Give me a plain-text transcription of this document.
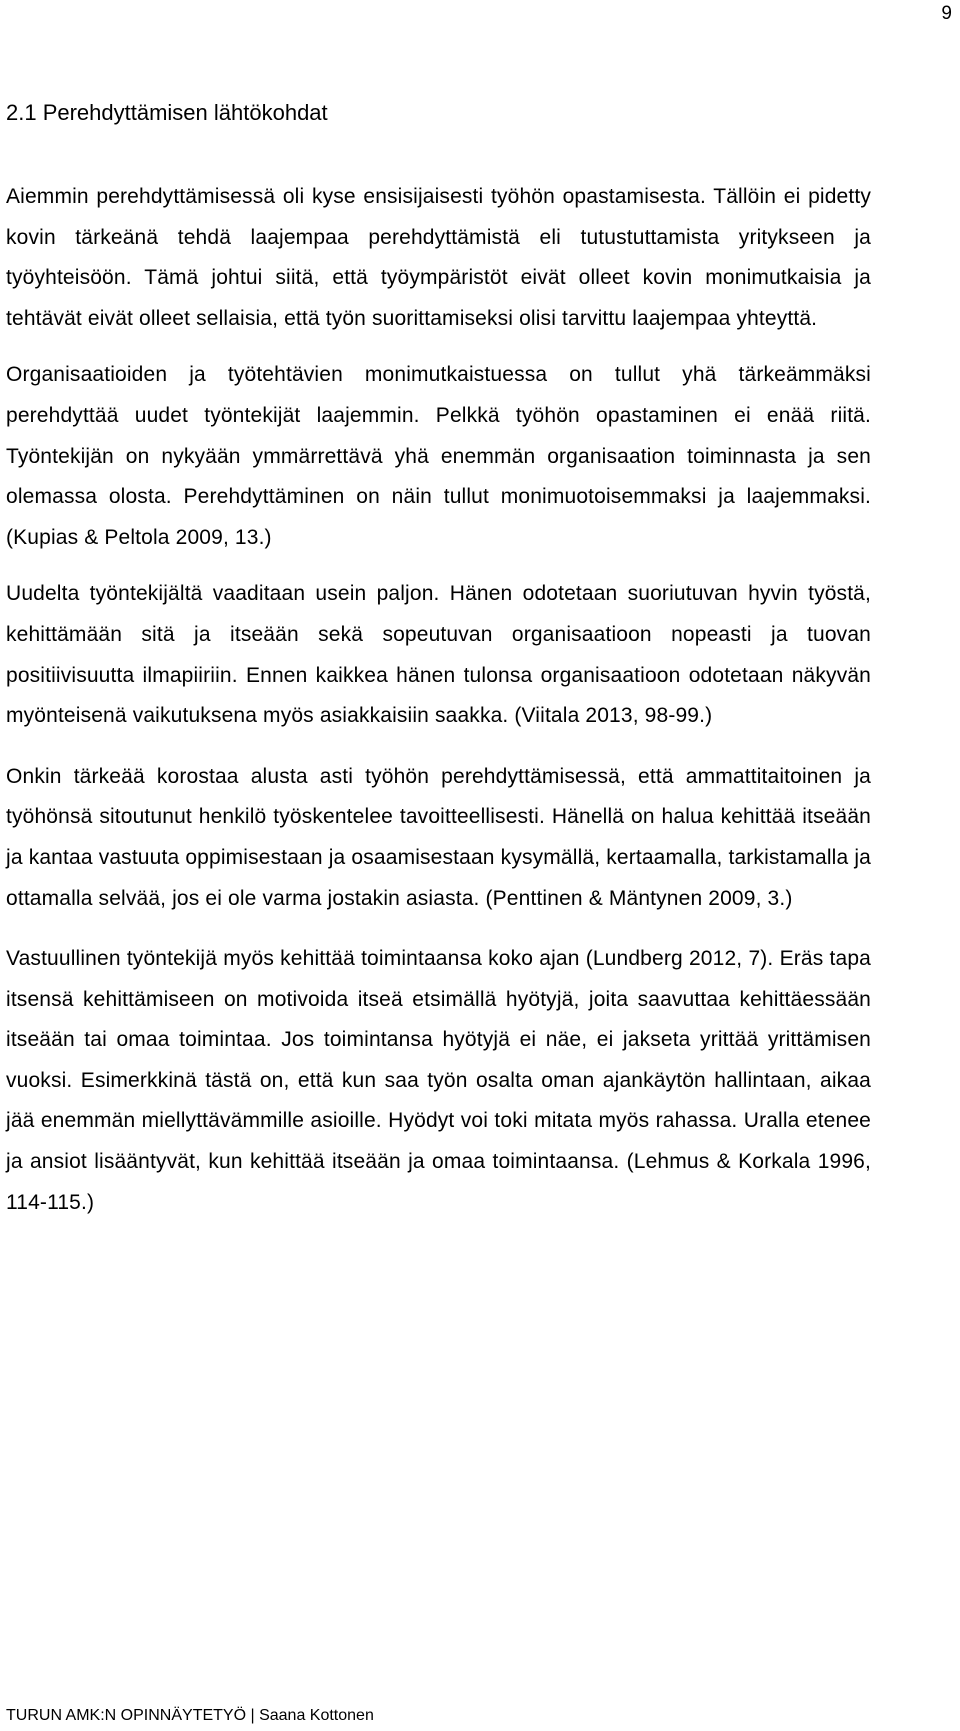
9
2.1 Perehdyttämisen lähtökohdat

Aiemmin perehdyttämisessä oli kyse ensisijaisesti työhön opastamisesta. Tällöin ei pidetty kovin tärkeänä tehdä laajempaa perehdyttämistä eli tutustuttamista yritykseen ja työyhteisöön. Tämä johtui siitä, että työympäristöt eivät olleet kovin monimutkaisia ja tehtävät eivät olleet sellaisia, että työn suorittamiseksi olisi tarvittu laajempaa yhteyttä.

Organisaatioiden ja työtehtävien monimutkaistuessa on tullut yhä tärkeämmäksi perehdyttää uudet työntekijät laajemmin. Pelkkä työhön opastaminen ei enää riitä. Työntekijän on nykyään ymmärrettävä yhä enemmän organisaation toiminnasta ja sen olemassa olosta. Perehdyttäminen on näin tullut monimuotoisemmaksi ja laajemmaksi. (Kupias & Peltola 2009, 13.)

Uudelta työntekijältä vaaditaan usein paljon. Hänen odotetaan suoriutuvan hyvin työstä, kehittämään sitä ja itseään sekä sopeutuvan organisaatioon nopeasti ja tuovan positiivisuutta ilmapiiriin. Ennen kaikkea hänen tulonsa organisaatioon odotetaan näkyvän myönteisenä vaikutuksena myös asiakkaisiin saakka. (Viitala 2013, 98-99.)

Onkin tärkeää korostaa alusta asti työhön perehdyttämisessä, että ammattitaitoinen ja työhönsä sitoutunut henkilö työskentelee tavoitteellisesti. Hänellä on halua kehittää itseään ja kantaa vastuuta oppimisestaan ja osaamisestaan kysymällä, kertaamalla, tarkistamalla ja ottamalla selvää, jos ei ole varma jostakin asiasta. (Penttinen & Mäntynen 2009, 3.)

Vastuullinen työntekijä myös kehittää toimintaansa koko ajan (Lundberg 2012, 7). Eräs tapa itsensä kehittämiseen on motivoida itseä etsimällä hyötyjä, joita saavuttaa kehittäessään itseään tai omaa toimintaa. Jos toimintansa hyötyjä ei näe, ei jakseta yrittää yrittämisen vuoksi. Esimerkkinä tästä on, että kun saa työn osalta oman ajankäytön hallintaan, aikaa jää enemmän miellyttävämmille asioille. Hyödyt voi toki mitata myös rahassa. Uralla etenee ja ansiot lisääntyvät, kun kehittää itseään ja omaa toimintaansa. (Lehmus & Korkala 1996, 114-115.)

TURUN AMK:N OPINNÄYTETYÖ | Saana Kottonen
